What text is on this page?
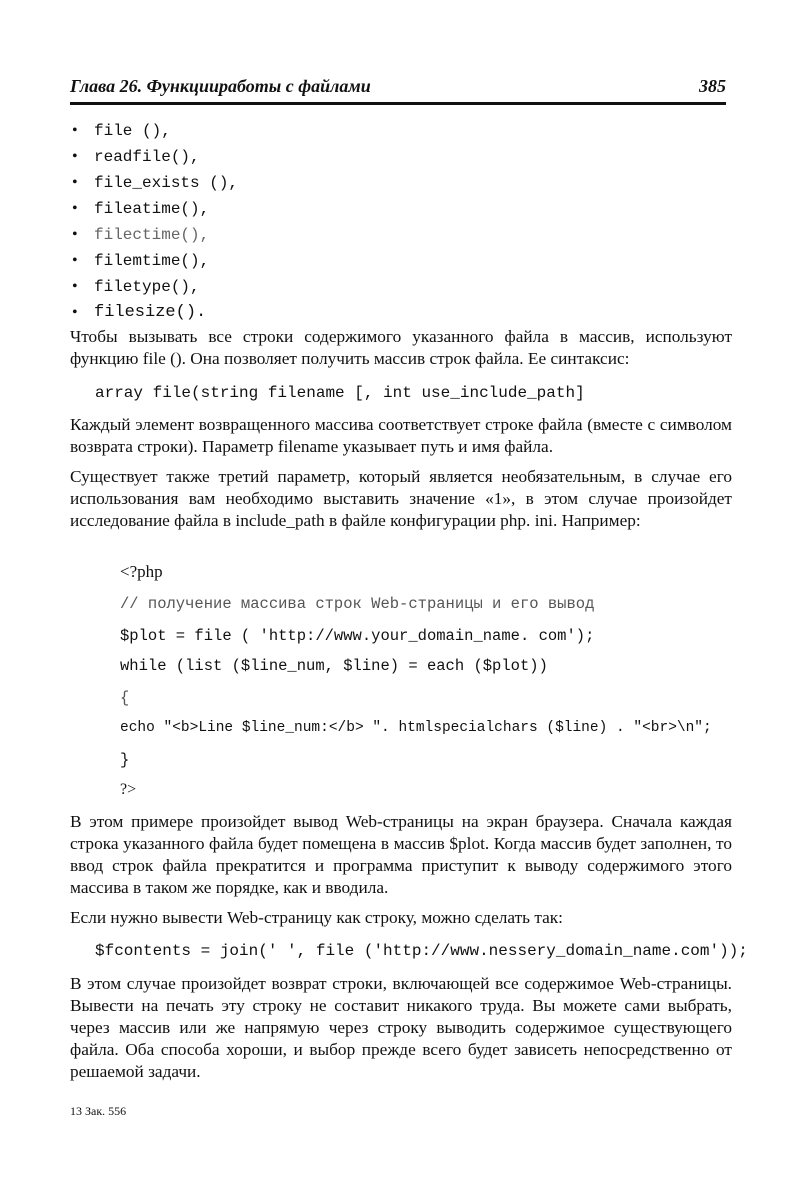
Глава 26. Функцииработы с файлами	385
•	file (),
•	readfile(),
•	file_exists (),
•	fileatime(),
•	filectime(),
•	filemtime(),
•	filetype(),
• filesize().

Чтобы вызывать все строки содержимого указанного файла в массив, используют функцию file (). Она позволяет получить массив строк файла. Ее синтаксис:

array file(string filename [, int use_include_path]

Каждый элемент возвращенного массива соответствует строке файла (вместе с символом возврата строки). Параметр filename указывает путь и имя файла.

Существует также третий параметр, который является необязательным, в случае его использования вам необходимо выставить значение «1», в этом случае произойдет исследование файла в include_path в файле конфигурации php. ini. Например:

<?php
// получение массива строк Web-страницы и его вывод
$plot = file ( 'http://www.your_domain_name. com');
while (list ($line_num, $line) = each ($plot))
{
echo "<b>Line $line_num:</b> ". htmlspecialchars ($line) . "<br>\n";
}
?>

В этом примере произойдет вывод Web-страницы на экран браузера. Сначала каждая строка указанного файла будет помещена в массив $plot. Когда массив будет заполнен, то ввод строк файла прекратится и программа приступит к выводу содержимого этого массива в таком же порядке, как и вводила.

Если нужно вывести Web-страницу как строку, можно сделать так:

$fcontents = join(' ', file ('http://www.nessery_domain_name.com'));

В этом случае произойдет возврат строки, включающей все содержимое Web-страницы. Вывести на печать эту строку не составит никакого труда. Вы можете сами выбрать, через массив или же напрямую через строку выводить содержимое существующего файла. Оба способа хороши, и выбор прежде всего будет зависеть непосредственно от решаемой задачи.

13 Зак. 556
